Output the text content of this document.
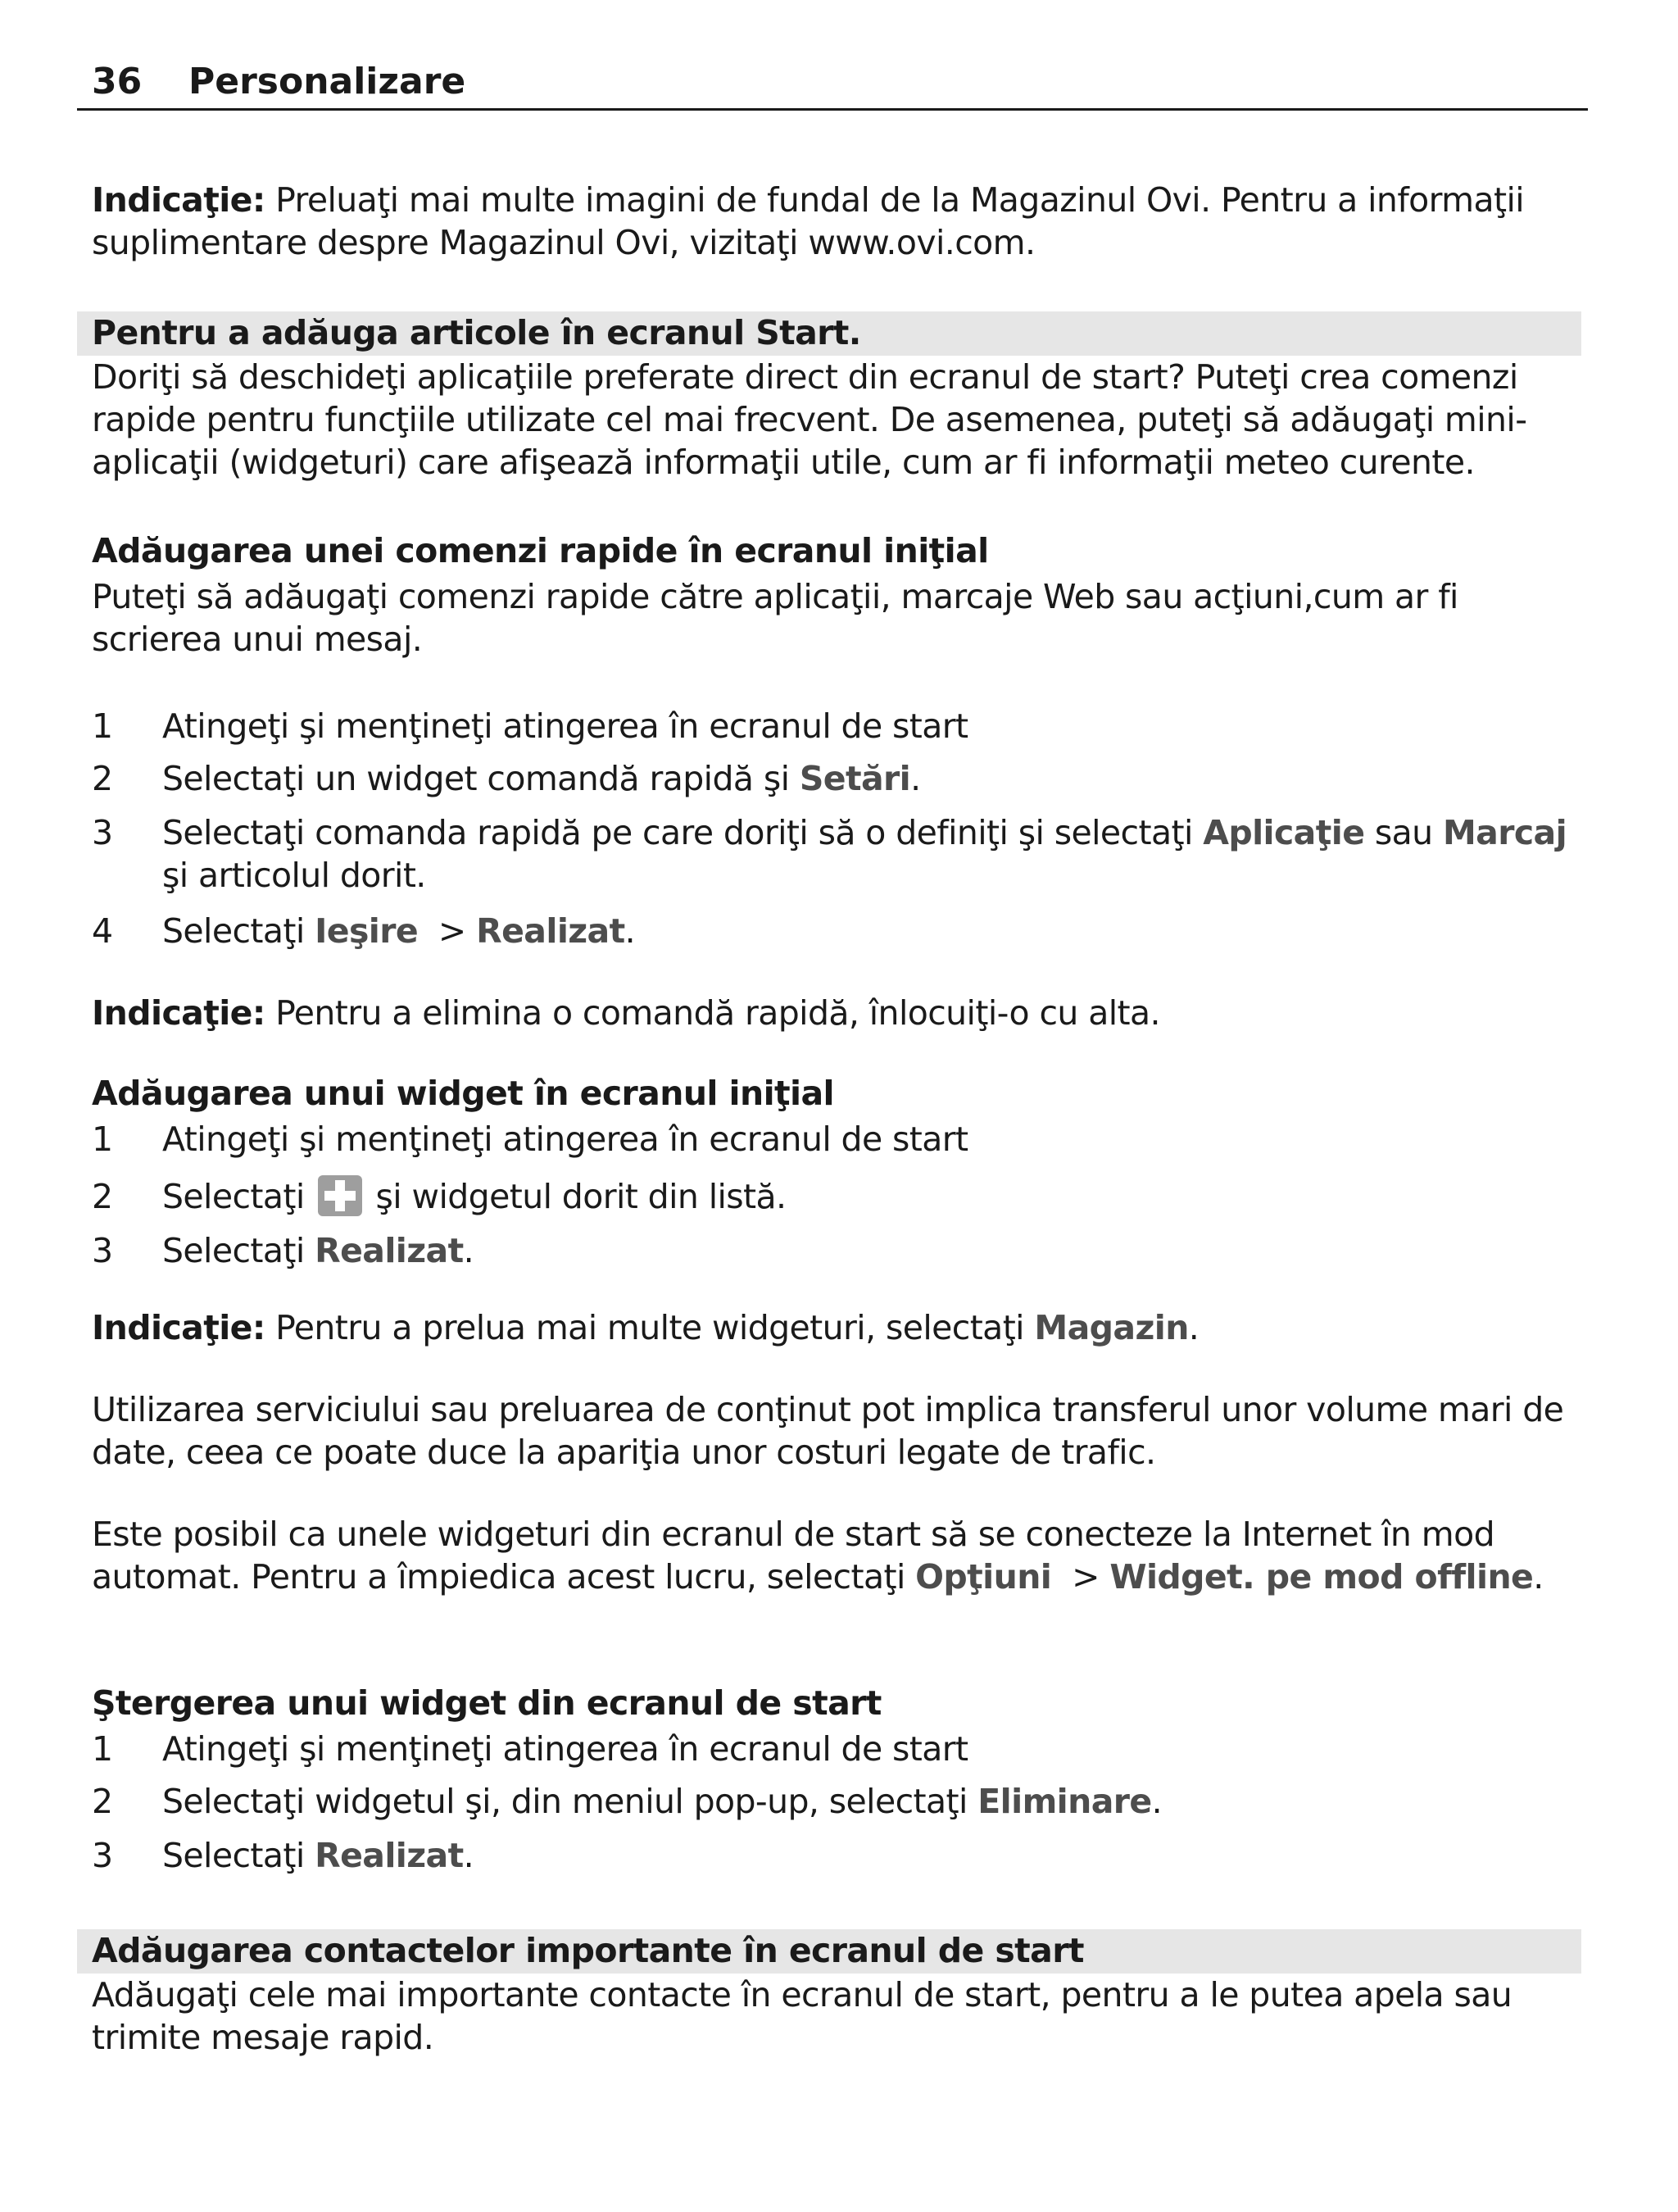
36 Personalizare

Indicaţie: Preluaţi mai multe imagini de fundal de la Magazinul Ovi. Pentru a informaţii suplimentare despre Magazinul Ovi, vizitaţi www.ovi.com.

Pentru a adăuga articole în ecranul Start.

Doriţi să deschideţi aplicaţiile preferate direct din ecranul de start? Puteţi crea comenzi rapide pentru funcţiile utilizate cel mai frecvent. De asemenea, puteţi să adăugaţi mini-aplicaţii (widgeturi) care afişează informaţii utile, cum ar fi informaţii meteo curente.

Adăugarea unei comenzi rapide în ecranul iniţial

Puteţi să adăugaţi comenzi rapide către aplicaţii, marcaje Web sau acţiuni,cum ar fi scrierea unui mesaj.

1 Atingeţi şi menţineţi atingerea în ecranul de start
2 Selectaţi un widget comandă rapidă şi Setări.
3 Selectaţi comanda rapidă pe care doriţi să o definiţi şi selectaţi Aplicaţie sau Marcaj şi articolul dorit.
4 Selectaţi Ieşire  > Realizat.

Indicaţie: Pentru a elimina o comandă rapidă, înlocuiţi-o cu alta.

Adăugarea unui widget în ecranul iniţial
1 Atingeţi şi menţineţi atingerea în ecranul de start
2 Selectaţi  şi widgetul dorit din listă.
3 Selectaţi Realizat.

Indicaţie: Pentru a prelua mai multe widgeturi, selectaţi Magazin.

Utilizarea serviciului sau preluarea de conţinut pot implica transferul unor volume mari de date, ceea ce poate duce la apariţia unor costuri legate de trafic.

Este posibil ca unele widgeturi din ecranul de start să se conecteze la Internet în mod automat. Pentru a împiedica acest lucru, selectaţi Opţiuni  > Widget. pe mod offline.

Ştergerea unui widget din ecranul de start
1 Atingeţi şi menţineţi atingerea în ecranul de start
2 Selectaţi widgetul şi, din meniul pop-up, selectaţi Eliminare.
3 Selectaţi Realizat.
Adăugarea contactelor importante în ecranul de start

Adăugaţi cele mai importante contacte în ecranul de start, pentru a le putea apela sau trimite mesaje rapid.
